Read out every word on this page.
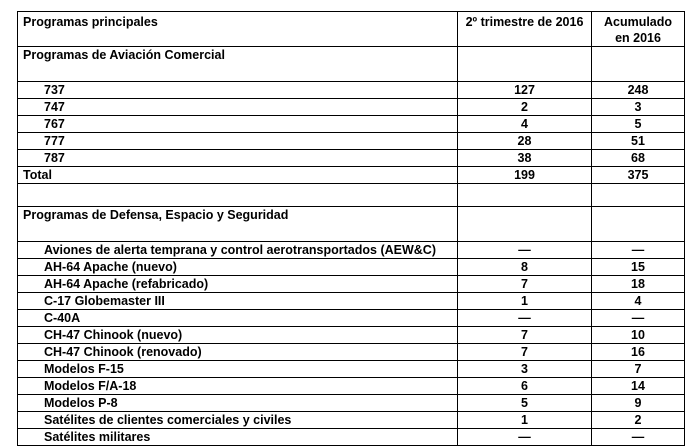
Programas principales	2º trimestre de 2016	Acumulado en 2016
Programas de Aviación Comercial		
737	127	248
747	2	3
767	4	5
777	28	51
787	38	68
Total	199	375

Programas de Defensa, Espacio y Seguridad		
Aviones de alerta temprana y control aerotransportados (AEW&C)	—	—
AH-64 Apache (nuevo)	8	15
AH-64 Apache (refabricado)	7	18
C-17 Globemaster III	1	4
C-40A	—	—
CH-47 Chinook (nuevo)	7	10
CH-47 Chinook (renovado)	7	16
Modelos F-15	3	7
Modelos F/A-18	6	14
Modelos P-8	5	9
Satélites de clientes comerciales y civiles	1	2
Satélites militares	—	—
